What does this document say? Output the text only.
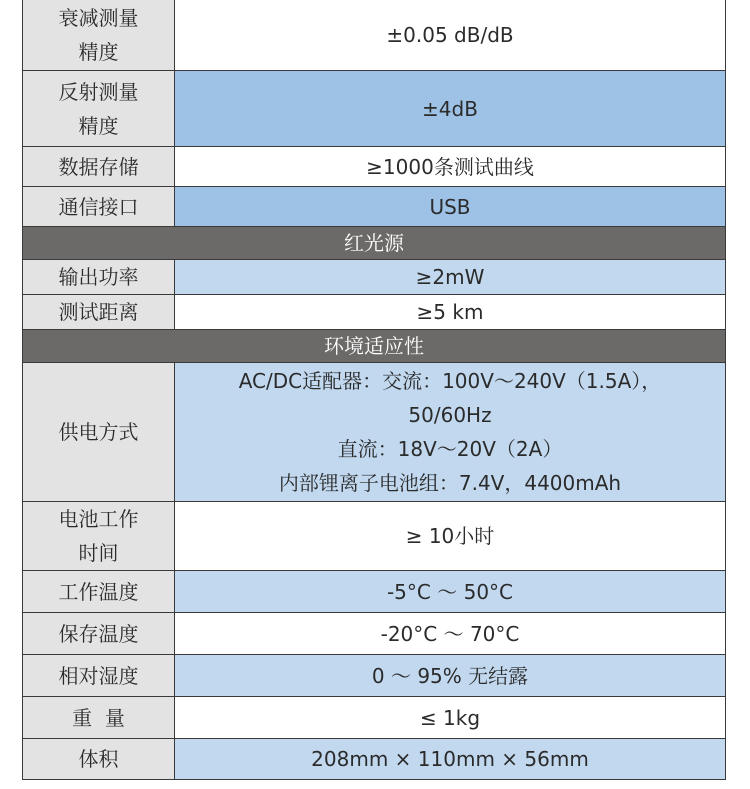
衰减测量
精度	±0.05 dB/dB

反射测量
精度	±4dB
数据存储	≥1000条测试曲线
通信接口	USB
红光源	
输出功率	≥2mW
测试距离	≥5 km
环境适应性	
供电方式	AC/DC适配器：交流：100V～240V（1.5A），
50/60Hz
直流：18V～20V（2A）
内部锂离子电池组：7.4V，4400mAh

电池工作
时间	≥ 10小时
工作温度	-5°C ～ 50°C
保存温度	-20°C ～ 70°C
相对湿度	0 ～ 95% 无结露
重  量	≤ 1kg
体积	208mm × 110mm × 56mm
